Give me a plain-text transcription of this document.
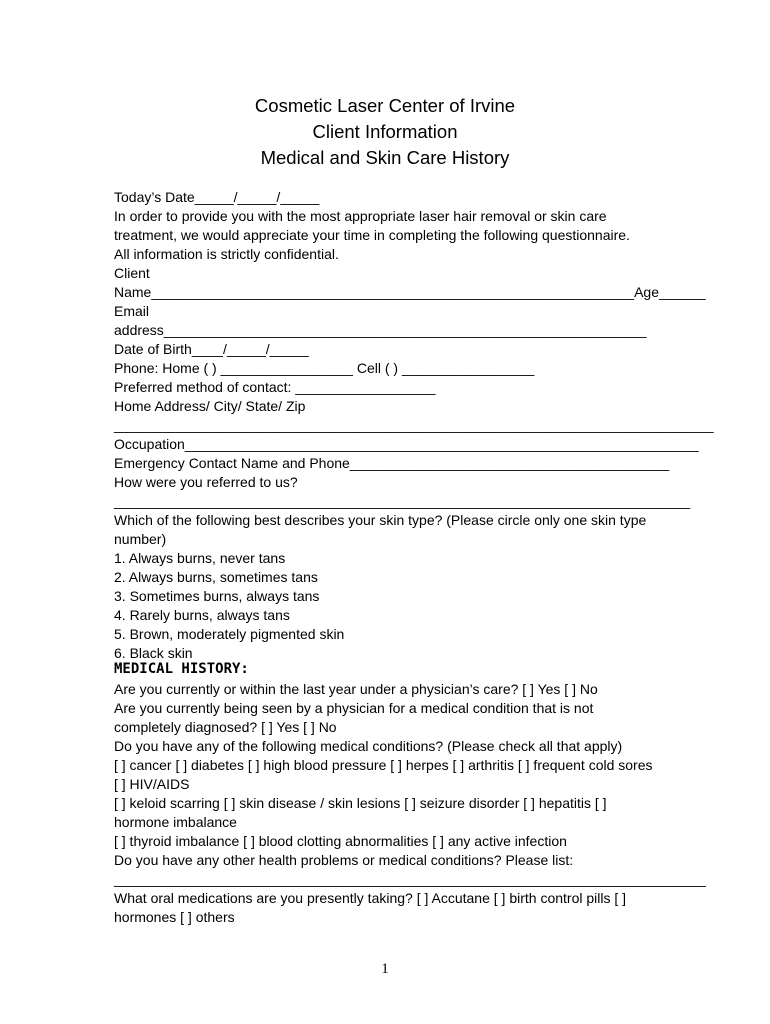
Cosmetic Laser Center of Irvine
Client Information
Medical and Skin Care History
Today’s Date_____/_____/_____
In order to provide you with the most appropriate laser hair removal or skin care
treatment, we would appreciate your time in completing the following questionnaire.
All information is strictly confidential.
Client
Name______________________________________________________________Age______
Email
address______________________________________________________________
Date of Birth____/_____/_____
Phone: Home ( ) _________________ Cell ( ) _________________
Preferred method of contact: __________________
Home Address/ City/ State/ Zip
_____________________________________________________________________________
Occupation__________________________________________________________________
Emergency Contact Name and Phone_________________________________________
How were you referred to us?
__________________________________________________________________________
Which of the following best describes your skin type? (Please circle only one skin type
number)
1. Always burns, never tans
2. Always burns, sometimes tans
3. Sometimes burns, always tans
4. Rarely burns, always tans
5. Brown, moderately pigmented skin
6. Black skin
MEDICAL HISTORY:
Are you currently or within the last year under a physician’s care? [ ] Yes [ ] No
Are you currently being seen by a physician for a medical condition that is not
completely diagnosed? [ ] Yes [ ] No
Do you have any of the following medical conditions? (Please check all that apply)
[ ] cancer [ ] diabetes [ ] high blood pressure [ ] herpes [ ] arthritis [ ] frequent cold sores
[ ] HIV/AIDS
[ ] keloid scarring [ ] skin disease / skin lesions [ ] seizure disorder [ ] hepatitis [ ]
hormone imbalance
[ ] thyroid imbalance [ ] blood clotting abnormalities [ ] any active infection
Do you have any other health problems or medical conditions? Please list:
____________________________________________________________________________
What oral medications are you presently taking? [ ] Accutane [ ] birth control pills [ ]
hormones [ ] others
1
